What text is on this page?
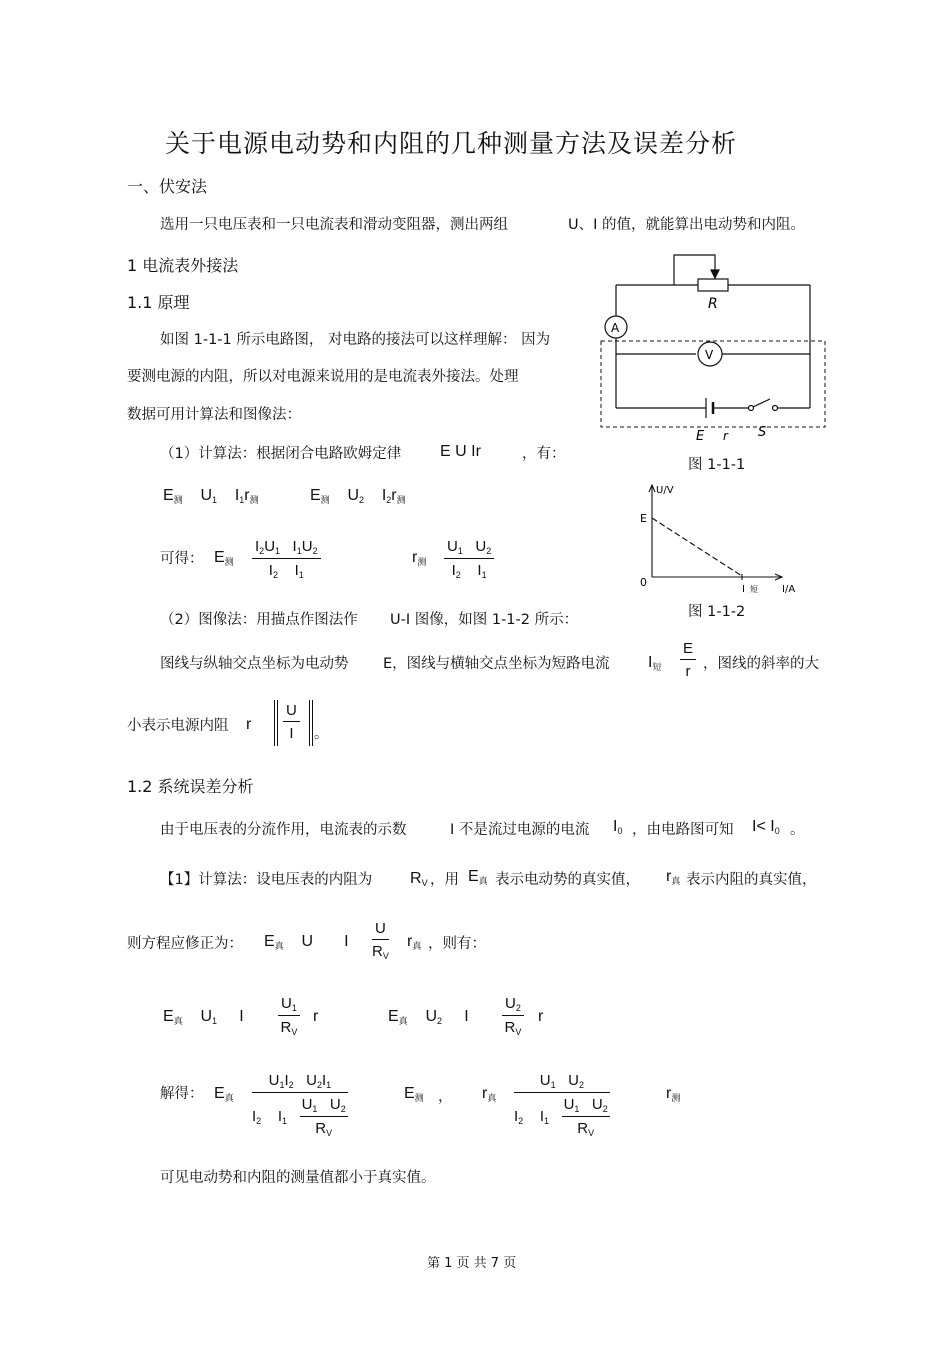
关于电源电动势和内阻的几种测量方法及误差分析
一、伏安法
选用一只电压表和一只电流表和滑动变阻器，测出两组	U、I 的值，就能算出电动势和内阻。
1 电流表外接法
1.1 原理
如图 1-1-1 所示电路图， 对电路的接法可以这样理解： 因为
要测电源的内阻，所以对电源来说用的是电流表外接法。处理
数据可用计算法和图像法：
（1）计算法：根据闭合电路欧姆定律 E U Ir	，有：
$E_测$    $U_1$    $I_1r_测$	$E_测$    $U_2$    $I_2r_测$
可得： $E_测 \frac{I_2U_1 I_1U_2}{I_2 I_1}$	$r_测 \frac{U_1 U_2}{I_2 I_1}$
R
A
V
E r S
图 1-1-1
U/V
E
0
I 短 I/A
图 1-1-2
（2）图像法：用描点作图法作 U-I 图像，如图 1-1-2 所示：
图线与纵轴交点坐标为电动势 E，图线与横轴交点坐标为短路电流 $I_短 \frac{E}{r}$ ，图线的斜率的大
小表示电源内阻 r $\frac{U}{I}$ 。
1.2 系统误差分析
由于电压表的分流作用，电流表的示数	I 不是流过电源的电流 $I_0$ ，由电路图可知 $I< I_0$ 。
【1】计算法：设电压表的内阻为 $R_V$ ，用 $E_真$ 表示电动势的真实值， $r_真$ 表示内阻的真实值，
则方程应修正为： $E_真$    U       I $\frac{U}{R_V} r_真$ ，则有：
$E_真$    $U_1$     I $\frac{U_1}{R_V}$ r	$E_真$    $U_2$     I $\frac{U_2}{R_V}$ r
解得： $E_真 \frac{U_1I_2 U_2I_1}{I_2 I_1 \frac{U_1 U_2}{R_V}}$	$E_测$ ， $r_真 \frac{U_1 U_2}{I_2 I_1 \frac{U_1 U_2}{R_V}}$	$r_测$
可见电动势和内阻的测量值都小于真实值。
第 1 页 共 7 页
